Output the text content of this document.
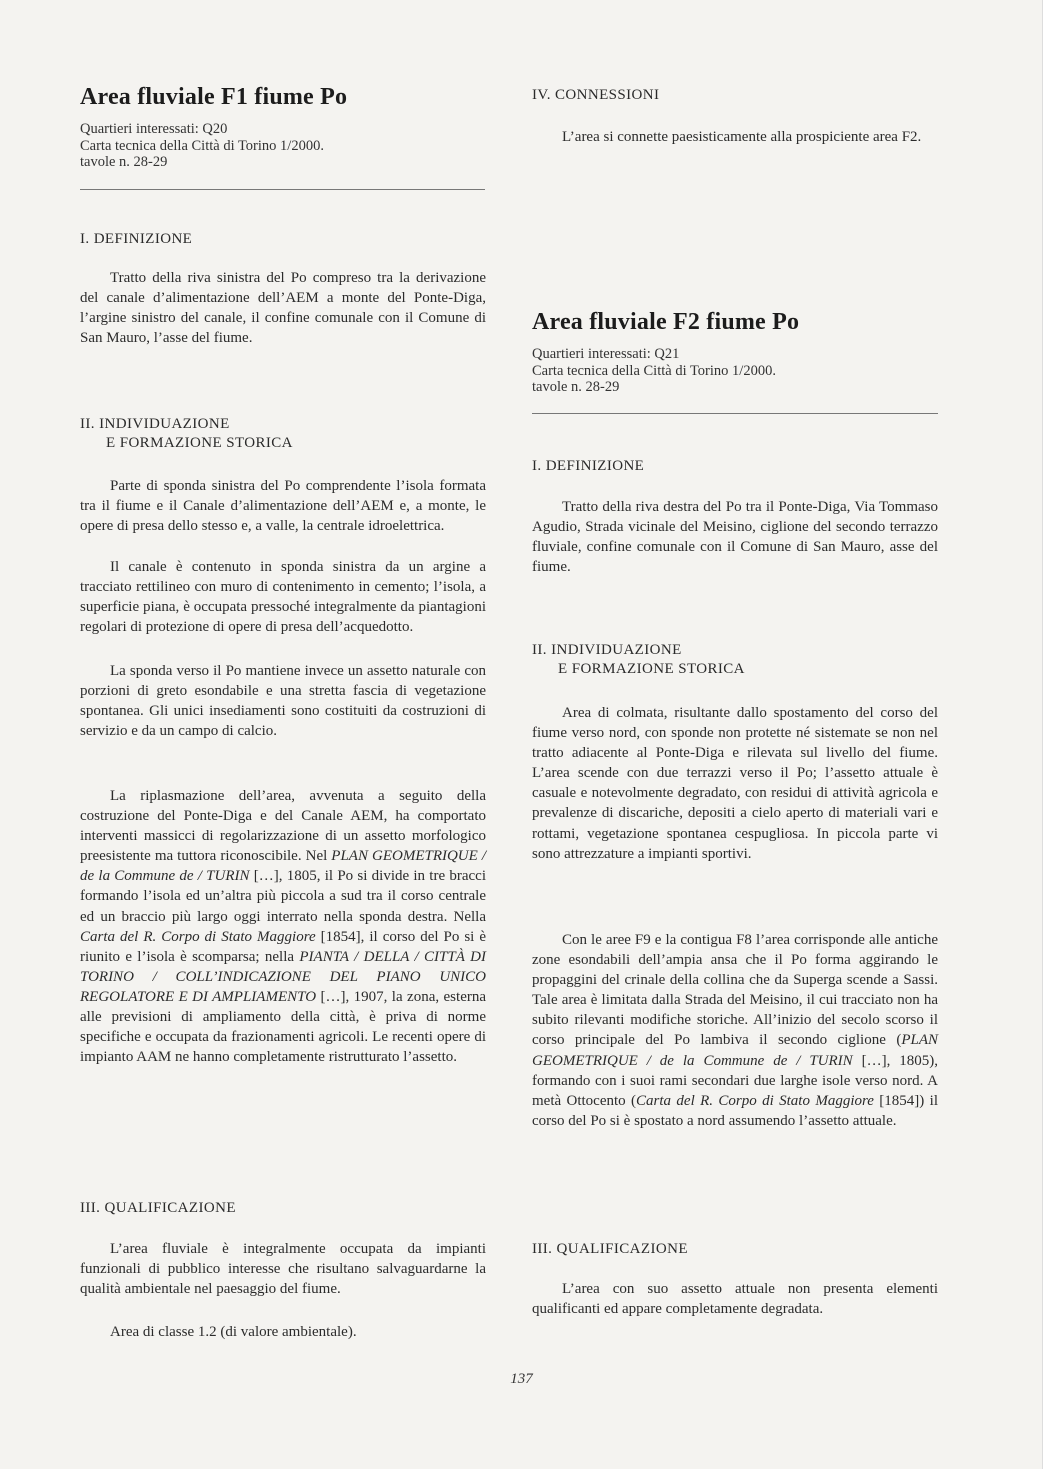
Area fluviale F1 fiume Po
Quartieri interessati: Q20
Carta tecnica della Città di Torino 1/2000.
tavole n. 28-29
I. DEFINIZIONE
Tratto della riva sinistra del Po compreso tra la derivazione del canale d’alimentazione dell’AEM a monte del Ponte-Diga, l’argine sinistro del canale, il confine comunale con il Comune di San Mauro, l’asse del fiume.
II. INDIVIDUAZIONE
E FORMAZIONE STORICA
Parte di sponda sinistra del Po comprendente l’isola formata tra il fiume e il Canale d’alimentazione dell’AEM e, a monte, le opere di presa dello stesso e, a valle, la centrale idroelettrica.
Il canale è contenuto in sponda sinistra da un argine a tracciato rettilineo con muro di contenimento in cemento; l’isola, a superficie piana, è occupata pressoché integralmente da piantagioni regolari di protezione di opere di presa dell’acquedotto.
La sponda verso il Po mantiene invece un assetto naturale con porzioni di greto esondabile e una stretta fascia di vegetazione spontanea. Gli unici insediamenti sono costituiti da costruzioni di servizio e da un campo di calcio.
La riplasmazione dell’area, avvenuta a seguito della costruzione del Ponte-Diga e del Canale AEM, ha comportato interventi massicci di regolarizzazione di un assetto morfologico preesistente ma tuttora riconoscibile. Nel PLAN GEOMETRIQUE / de la Commune de / TURIN […], 1805, il Po si divide in tre bracci formando l’isola ed un’altra più piccola a sud tra il corso centrale ed un braccio più largo oggi interrato nella sponda destra. Nella Carta del R. Corpo di Stato Maggiore [1854], il corso del Po si è riunito e l’isola è scomparsa; nella PIANTA / DELLA / CITTÀ DI TORINO / COLL’INDICAZIONE DEL PIANO UNICO REGOLATORE E DI AMPLIAMENTO […], 1907, la zona, esterna alle previsioni di ampliamento della città, è priva di norme specifiche e occupata da frazionamenti agricoli. Le recenti opere di impianto AAM ne hanno completamente ristrutturato l’assetto.
III. QUALIFICAZIONE
L’area fluviale è integralmente occupata da impianti funzionali di pubblico interesse che risultano salvaguardarne la qualità ambientale nel paesaggio del fiume.
Area di classe 1.2 (di valore ambientale).
IV. CONNESSIONI
L’area si connette paesisticamente alla prospiciente area F2.
Area fluviale F2 fiume Po
Quartieri interessati: Q21
Carta tecnica della Città di Torino 1/2000.
tavole n. 28-29
I. DEFINIZIONE
Tratto della riva destra del Po tra il Ponte-Diga, Via Tommaso Agudio, Strada vicinale del Meisino, ciglione del secondo terrazzo fluviale, confine comunale con il Comune di San Mauro, asse del fiume.
II. INDIVIDUAZIONE
E FORMAZIONE STORICA
Area di colmata, risultante dallo spostamento del corso del fiume verso nord, con sponde non protette né sistemate se non nel tratto adiacente al Ponte-Diga e rilevata sul livello del fiume. L’area scende con due terrazzi verso il Po; l’assetto attuale è casuale e notevolmente degradato, con residui di attività agricola e prevalenze di discariche, depositi a cielo aperto di materiali vari e rottami, vegetazione spontanea cespugliosa. In piccola parte vi sono attrezzature a impianti sportivi.
Con le aree F9 e la contigua F8 l’area corrisponde alle antiche zone esondabili dell’ampia ansa che il Po forma aggirando le propaggini del crinale della collina che da Superga scende a Sassi. Tale area è limitata dalla Strada del Meisino, il cui tracciato non ha subito rilevanti modifiche storiche. All’inizio del secolo scorso il corso principale del Po lambiva il secondo ciglione (PLAN GEOMETRIQUE / de la Commune de / TURIN […], 1805), formando con i suoi rami secondari due larghe isole verso nord. A metà Ottocento (Carta del R. Corpo di Stato Maggiore [1854]) il corso del Po si è spostato a nord assumendo l’assetto attuale.
III. QUALIFICAZIONE
L’area con suo assetto attuale non presenta elementi qualificanti ed appare completamente degradata.
137
